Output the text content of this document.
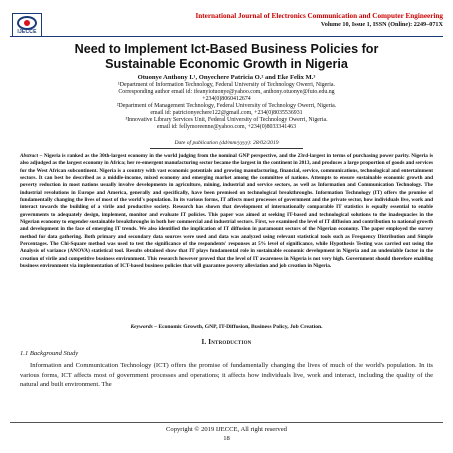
IJECCE
International Journal of Electronics Communication and Computer Engineering
Volume 10, Issue 1, ISSN (Online): 2249–071X
Need to Implement Ict-Based Business Policies for
Sustainable Economic Growth in Nigeria
Otuonye Anthony I.¹, Onyechere Patricia O.² and Eke Felix M.³
¹Department of Information Technology, Federal University of Technology Owerri, Nigeria.
Corresponding author email id: ifeanyiotuonye@yahoo.com, anthony.otuonye@futo.edu.ng
+234(0)8060412674
²Department of Management Technology, Federal University of Technology Owerri, Nigeria.
email id: patricionyechere122@gmail.com, +234(0)8035536931
³Innovative Library Services Unit, Federal University of Technology Owerri, Nigeria.
email id: fellymoreenne@yahoo.com, +234(0)8033341463
Date of publication (dd/mm/yyyy): 28/02/2019
Abstract – Nigeria is ranked as the 30th-largest economy in the world judging from the nominal GNP perspective, and the 23rd-largest in terms of purchasing power parity. Nigeria is also adjudged as the largest economy in Africa; her re-emergent manufacturing sector became the largest in the continent in 2013, and produces a large proportion of goods and services for the West African subcontinent. Nigeria is a country with vast economic potentials and growing manufacturing, financial, service, communications, technological and entertainment sectors. It can best be described as a middle-income, mixed economy and emerging market among the committee of nations. Attempts to ensure sustainable economic growth and poverty reduction in most nations usually involve developments in agriculture, mining, industrial and service sectors, as well as Information and Communication Technology. The industrial revolutions in Europe and America, generally and specifically, have been premised on technological breakthroughs. Information Technology (IT) offers the promise of fundamentally changing the lives of most of the world's population. In its various forms, IT affects most processes of government and the private sector, how individuals live, work and interact towards the building of a virile and productive society. Research has shown that development of internationally comparable IT statistics is equally essential to enable governments to adequately design, implement, monitor and evaluate IT policies. This paper was aimed at seeking IT-based and technological solutions to the inadequacies in the Nigerian economy to engender sustainable breakthroughs in both her commercial and industrial sectors. First, we examined the level of IT diffusion and contribution to national growth and development in the face of emerging IT trends. We also identified the implication of IT diffusion in paramount sectors of the Nigerian economy. The paper employed the survey method for data gathering. Both primary and secondary data sources were used and data was analyzed using relevant statistical tools such as Frequency Distribution and Simple Percentages. The Chi-Square method was used to test the significance of the respondents' responses at 5% level of significance, while Hypothesis Testing was carried out using the Analysis of variance (ANOVA) statistical tool. Results obtained show that IT plays fundamental role in sustainable economic development in Nigeria and an undeniable factor in the creation of virile and competitive business environment. This research however proved that the level of IT awareness in Nigeria is not very high. Government should therefore enabling business environment via implementation of ICT-based business policies that will guarantee poverty alleviation and job creation in Nigeria.
Keywords – Economic Growth, GNP, IT-Diffusion, Business Policy, Job Creation.
I. Introduction
1.1 Background Study
Information and Communication Technology (ICT) offers the promise of fundamentally changing the lives of much of the world's population. In its various forms, ICT affects most of government processes and operations; it affects how individuals live, work and interact, including the quality of the natural and built environment. The
Copyright © 2019 IJECCE, All right reserved
18
